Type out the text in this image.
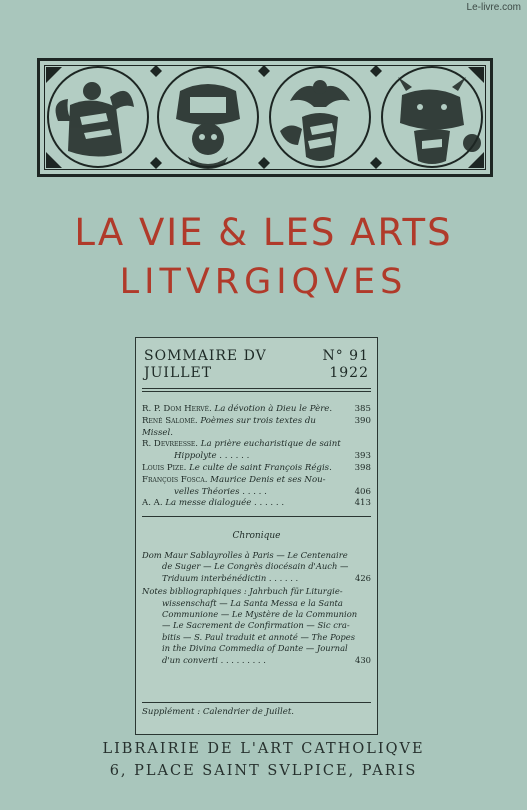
Le-livre.com
LA VIE & LES ARTS
LITVRGIQVES
SOMMAIRE DV	N° 91
JUILLET	1922
R. P. Dom Hervé. La dévotion à Dieu le Père.	385
René Salomé. Poèmes sur trois textes du Missel.
390
R. Devreesse. La prière eucharistique de saint
Hippolyte . . . . . .	393
Louis Pize. Le culte de saint François Régis.	398
François Fosca. Maurice Denis et ses Nou-
velles Théories . . . . .	406
A. A. La messe dialoguée . . . . . .	413
Chronique
Dom Maur Sablayrolles à Paris — Le Centenaire
de Suger — Le Congrès diocésain d'Auch —
Triduum interbénédictin . . . . . .	426
Notes bibliographiques : Jahrbuch für Liturgie-
wissenschaft — La Santa Messa e la Santa
Communione — Le Mystère de la Communion
— Le Sacrement de Confirmation — Sic cra-
bitis — S. Paul traduit et annoté — The Popes
in the Divina Commedia of Dante — Journal
d'un converti . . . . . . . . .	430
Supplément : Calendrier de Juillet.
LIBRAIRIE DE L'ART CATHOLIQVE
6, PLACE SAINT SVLPICE, PARIS
